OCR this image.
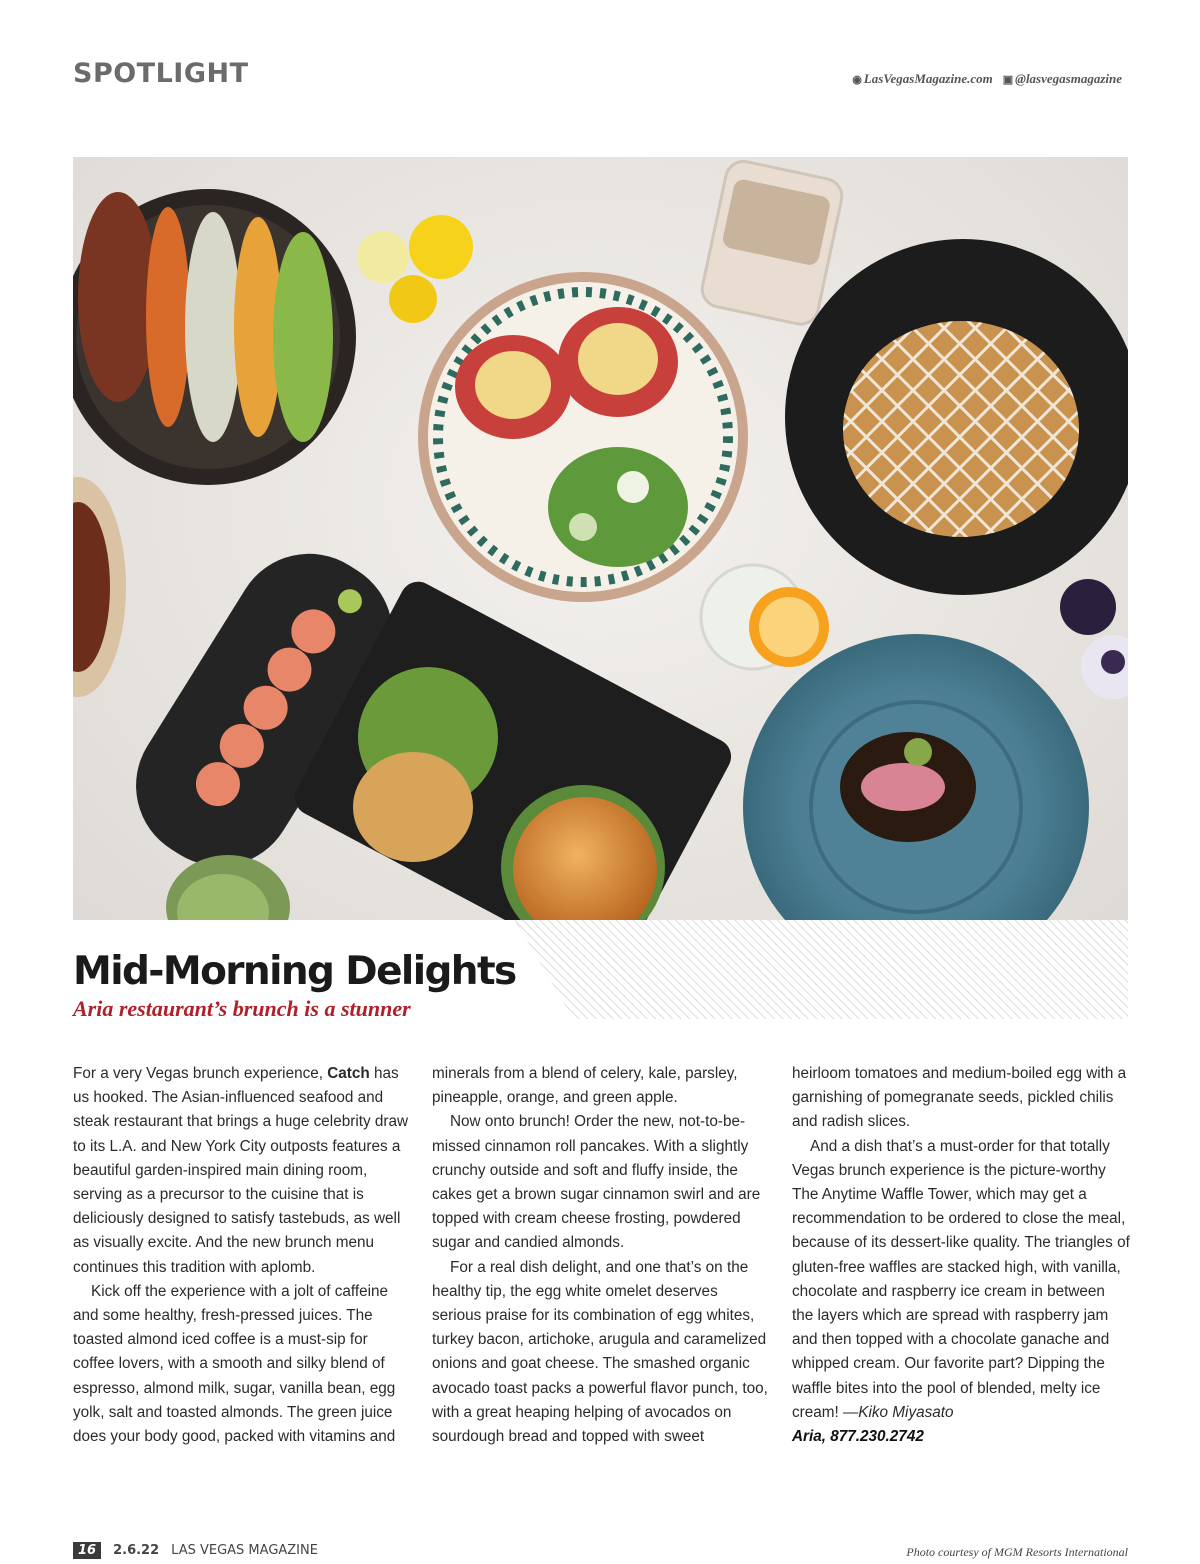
SPOTLIGHT	◉ LasVegasMagazine.com ▣ @lasvegasmagazine
Mid-Morning Delights
Aria restaurant’s brunch is a stunner

For a very Vegas brunch experience, Catch has us hooked. The Asian-influenced seafood and steak restaurant that brings a huge celebrity draw to its L.A. and New York City outposts features a beautiful garden-inspired main dining room, serving as a precursor to the cuisine that is deliciously designed to satisfy tastebuds, as well as visually excite. And the new brunch menu continues this tradition with aplomb.

Kick off the experience with a jolt of caffeine and some healthy, fresh-pressed juices. The toasted almond iced coffee is a must-sip for coffee lovers, with a smooth and silky blend of espresso, almond milk, sugar, vanilla bean, egg yolk, salt and toasted almonds. The green juice does your body good, packed with vitamins and

minerals from a blend of celery, kale, parsley, pineapple, orange, and green apple.

Now onto brunch! Order the new, not-to-be-missed cinnamon roll pancakes. With a slightly crunchy outside and soft and fluffy inside, the cakes get a brown sugar cinnamon swirl and are topped with cream cheese frosting, powdered sugar and candied almonds.

For a real dish delight, and one that’s on the healthy tip, the egg white omelet deserves serious praise for its combination of egg whites, turkey bacon, artichoke, arugula and caramelized onions and goat cheese. The smashed organic avocado toast packs a powerful flavor punch, too, with a great heaping helping of avocados on sourdough bread and topped with sweet

heirloom tomatoes and medium-boiled egg with a garnishing of pomegranate seeds, pickled chilis and radish slices.

And a dish that’s a must-order for that totally Vegas brunch experience is the picture-worthy The Anytime Waffle Tower, which may get a recommendation to be ordered to close the meal, because of its dessert-like quality. The triangles of gluten-free waffles are stacked high, with vanilla, chocolate and raspberry ice cream in between the layers which are spread with raspberry jam and then topped with a chocolate ganache and whipped cream. Our favorite part? Dipping the waffle bites into the pool of blended, melty ice cream! —Kiko Miyasato

Aria, 877.230.2742

16	2.6.22 LAS VEGAS MAGAZINE	Photo courtesy of MGM Resorts International
